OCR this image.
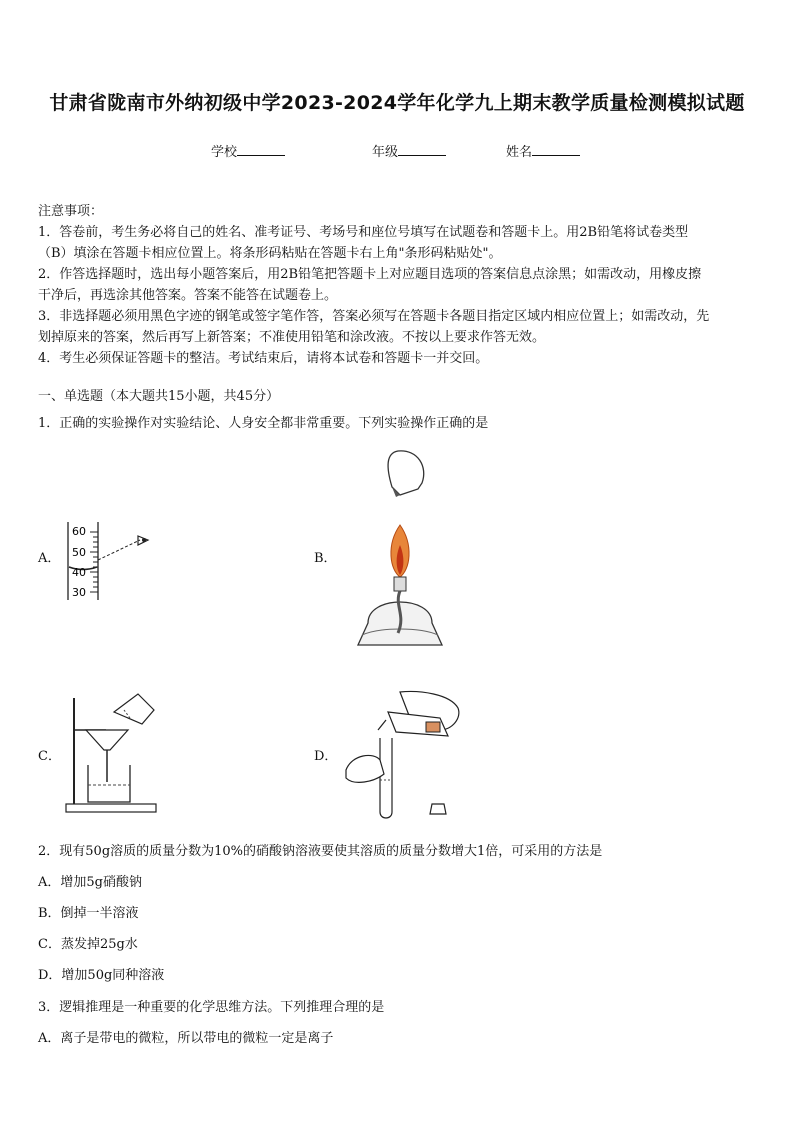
甘肃省陇南市外纳初级中学2023-2024学年化学九上期末教学质量检测模拟试题
学校	年级	姓名

注意事项：

1．答卷前，考生务必将自己的姓名、准考证号、考场号和座位号填写在试题卷和答题卡上。用2B铅笔将试卷类型

（B）填涂在答题卡相应位置上。将条形码粘贴在答题卡右上角"条形码粘贴处"。

2．作答选择题时，选出每小题答案后，用2B铅笔把答题卡上对应题目选项的答案信息点涂黑；如需改动，用橡皮擦

干净后，再选涂其他答案。答案不能答在试题卷上。

3．非选择题必须用黑色字迹的钢笔或签字笔作答，答案必须写在答题卡各题目指定区域内相应位置上；如需改动，先

划掉原来的答案，然后再写上新答案；不准使用铅笔和涂改液。不按以上要求作答无效。

4．考生必须保证答题卡的整洁。考试结束后，请将本试卷和答题卡一并交回。

一、单选题（本大题共15小题，共45分）
1．正确的实验操作对实验结论、人身安全都非常重要。下列实验操作正确的是
A．	B．
C．	D．
60
50
40
30
2．现有50g溶质的质量分数为10%的硝酸钠溶液要使其溶质的质量分数增大1倍，可采用的方法是
A．增加5g硝酸钠
B．倒掉一半溶液
C．蒸发掉25g水
D．增加50g同种溶液
3．逻辑推理是一种重要的化学思维方法。下列推理合理的是
A．离子是带电的微粒，所以带电的微粒一定是离子
